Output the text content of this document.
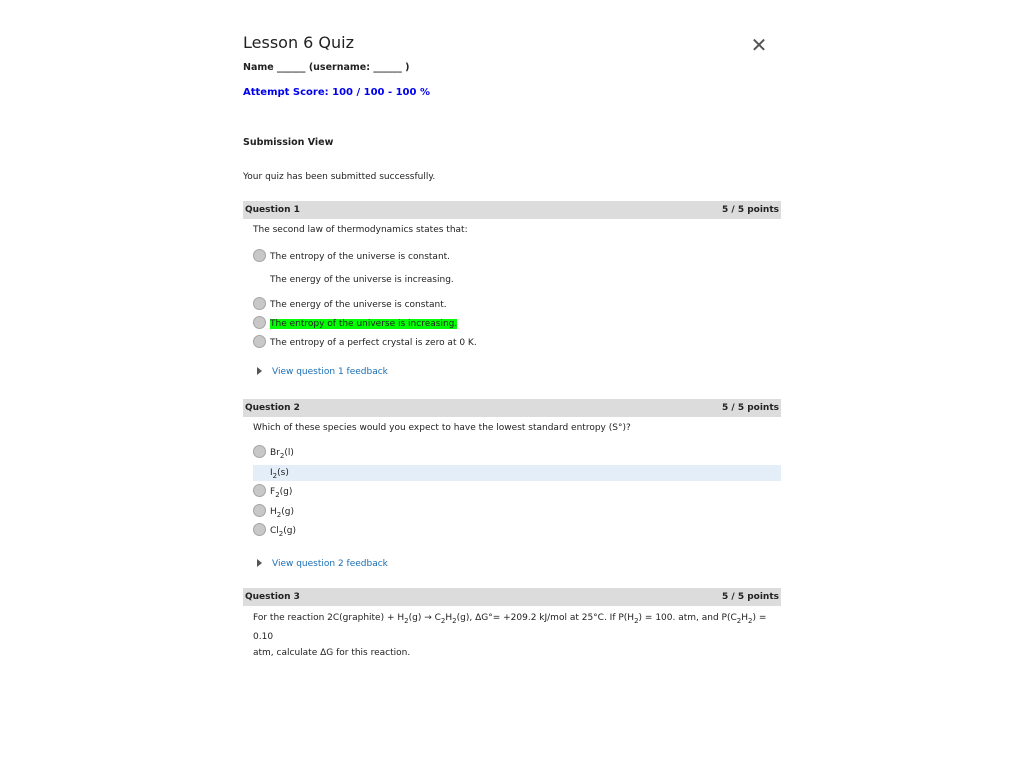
✕
Lesson 6 Quiz
Name ______ (username: ______ )
Attempt Score: 100 / 100 - 100 %
Submission View
Your quiz has been submitted successfully.
Question 1	5 / 5 points
The second law of thermodynamics states that:
The entropy of the universe is constant.
The energy of the universe is increasing.
The energy of the universe is constant.
The entropy of the universe is increasing.
The entropy of a perfect crystal is zero at 0 K.
View question 1 feedback
Question 2	5 / 5 points
Which of these species would you expect to have the lowest standard entropy (S°)?
$Br_2(l)$
$I_2(s)$
$F_2(g)$
$H_2(g)$
$Cl_2(g)$
View question 2 feedback
Question 3	5 / 5 points
For the reaction 2C(graphite) + $H_2(g) \to C_2H_2(g)$, ΔG°= +209.2 kJ/mol at 25°C. If $P(H_2) = 100$. atm, and $P(C_2H_2) = 0.10$
atm, calculate ΔG for this reaction.
